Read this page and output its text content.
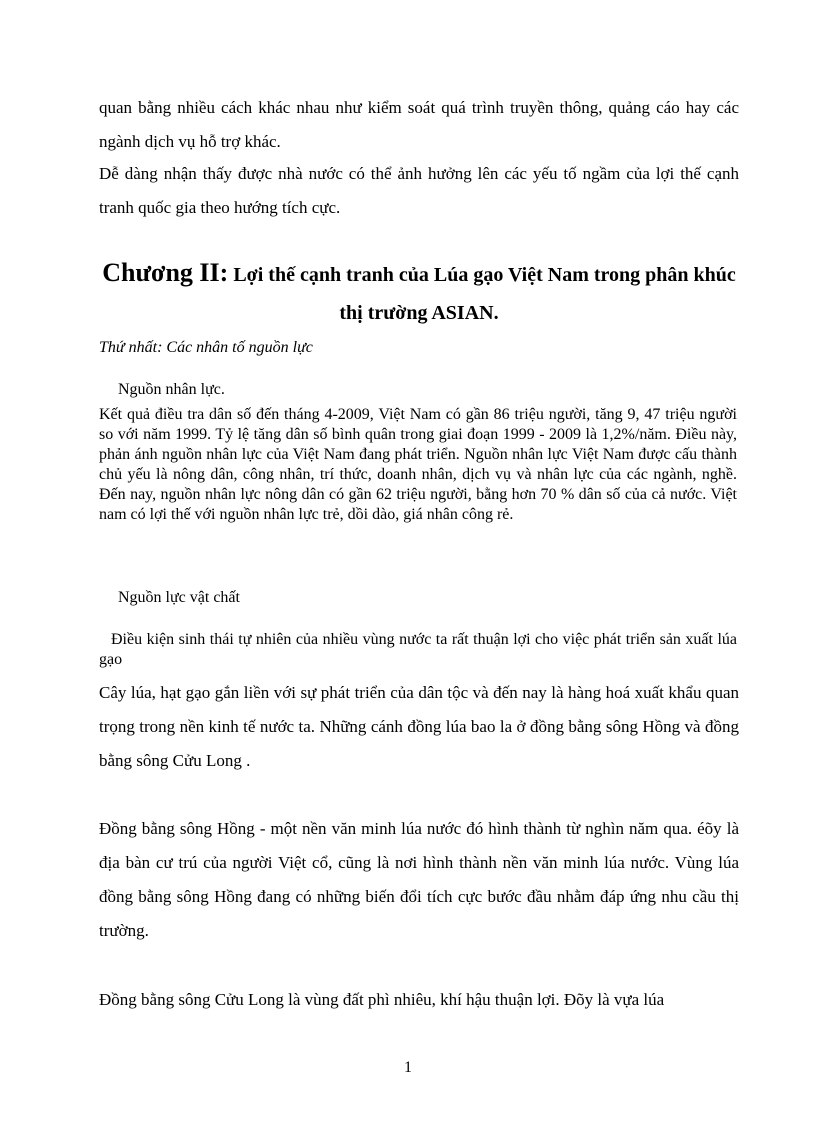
quan bằng nhiều cách khác nhau như kiểm soát quá trình truyền thông, quảng cáo hay các ngành dịch vụ hỗ trợ khác.

Dễ dàng nhận thấy được nhà nước có thể ảnh hưởng lên các yếu tố ngầm của lợi thế cạnh tranh quốc gia theo hướng tích cực.

Chương II: Lợi thế cạnh tranh của Lúa gạo Việt Nam trong phân khúc thị trường ASIAN.

Thứ nhất: Các nhân tố nguồn lực

Nguồn nhân lực.

Kết quả điều tra dân số đến tháng 4-2009, Việt Nam có gần 86 triệu người, tăng 9, 47 triệu người so với năm 1999. Tỷ lệ tăng dân số bình quân trong giai đoạn 1999 - 2009 là 1,2%/năm. Điều này, phản ánh nguồn nhân lực của Việt Nam đang phát triển. Nguồn nhân lực Việt Nam được cấu thành chủ yếu là nông dân, công nhân, trí thức, doanh nhân, dịch vụ và nhân lực của các ngành, nghề. Đến nay, nguồn nhân lực nông dân có gần 62 triệu người, bằng hơn 70 % dân số của cả nước. Việt nam có lợi thế với nguồn nhân lực trẻ, dồi dào, giá nhân công rẻ.

Nguồn lực vật chất

Điều kiện sinh thái tự nhiên của nhiều vùng nước ta rất thuận lợi cho việc phát triển sản xuất lúa gạo

Cây lúa, hạt gạo gắn liền với sự phát triển của dân tộc và đến nay là hàng hoá xuất khẩu quan trọng trong nền kinh tế nước ta. Những cánh đồng lúa bao la ở đồng bằng sông Hồng và đồng bằng sông Cửu Long .

Đồng bằng sông Hồng - một nền văn minh lúa nước đó hình thành từ nghìn năm qua. éõy là địa bàn cư trú của người Việt cổ, cũng là nơi hình thành nền văn minh lúa nước. Vùng lúa đồng bằng sông Hồng đang có những biến đổi tích cực bước đầu nhằm đáp ứng nhu cầu thị trường.

Đồng bằng sông Cửu Long là vùng đất phì nhiêu, khí hậu thuận lợi. Đõy là vựa lúa

1
